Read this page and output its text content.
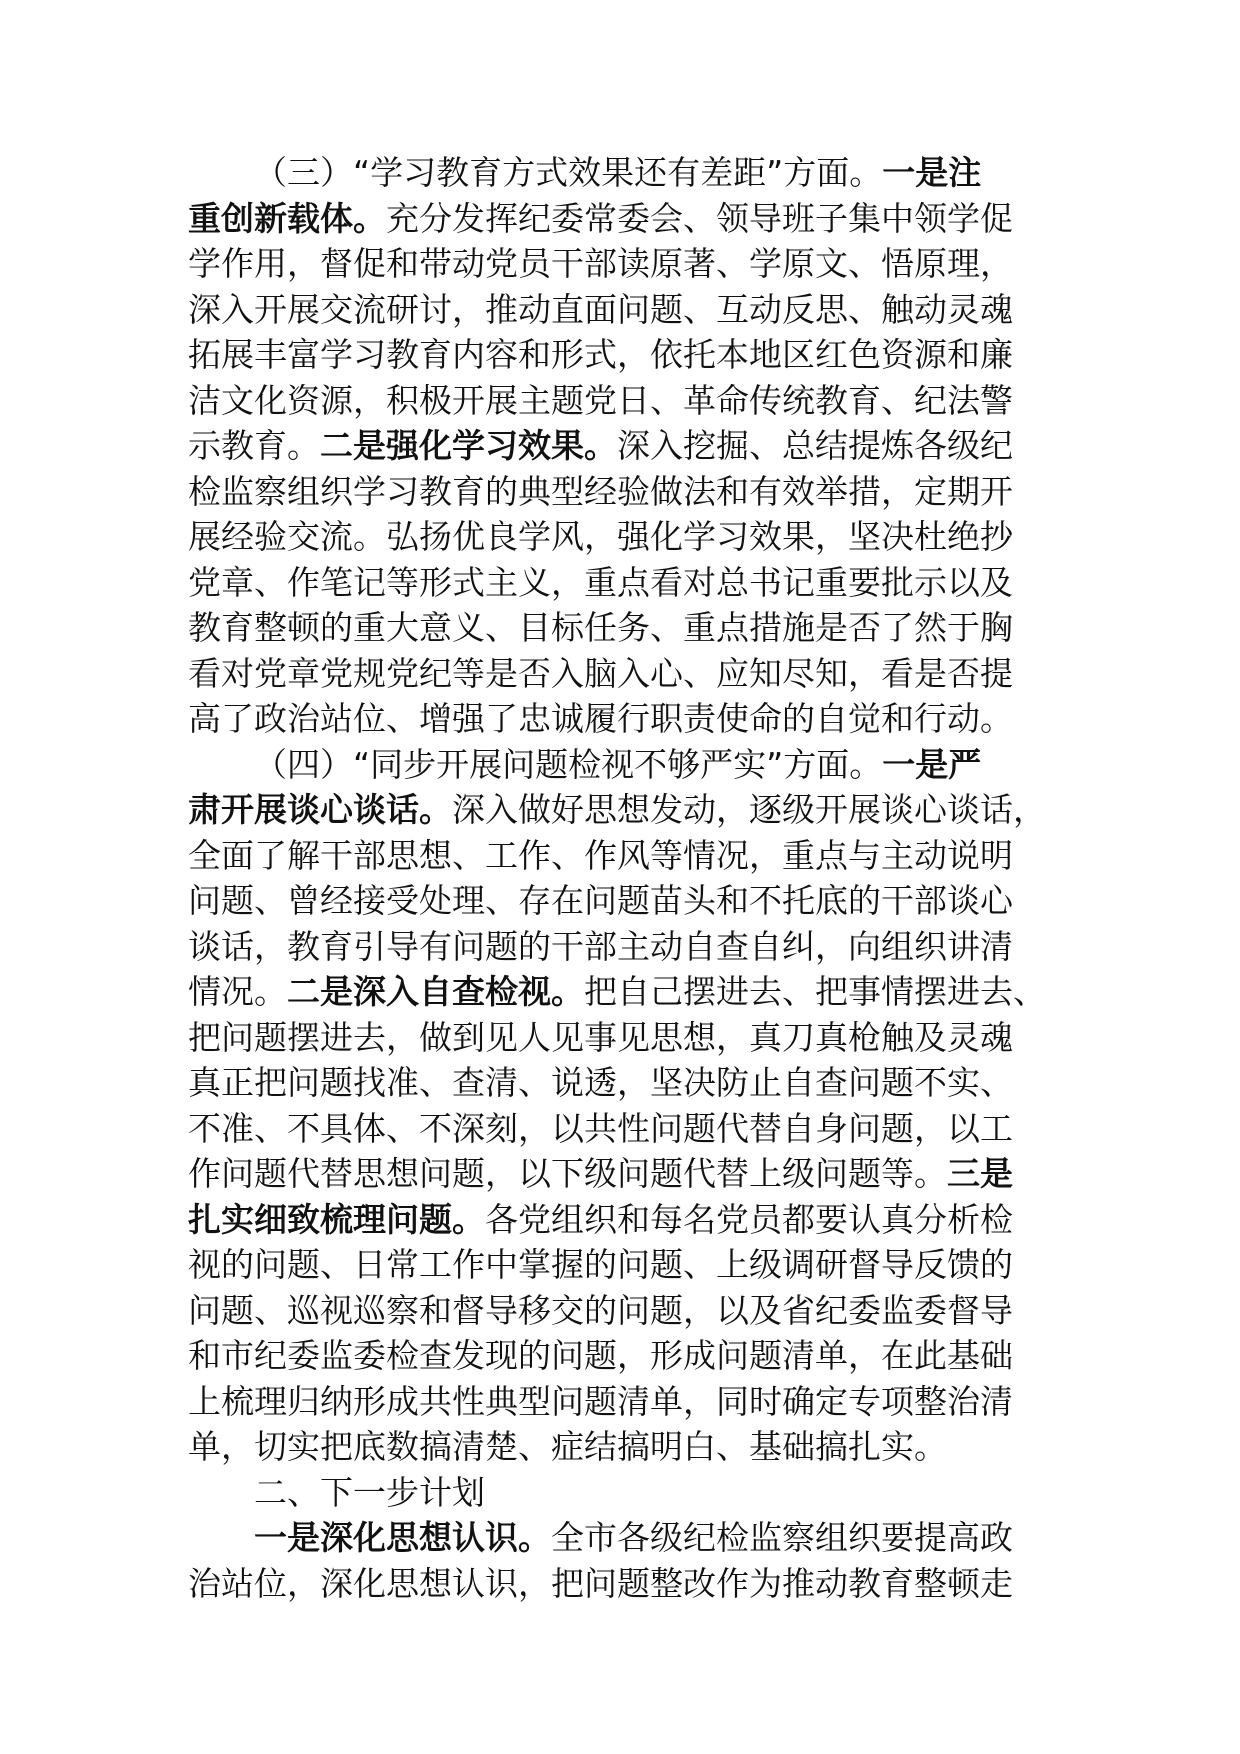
（三）“学习教育方式效果还有差距”方面。一是注
重创新载体。充分发挥纪委常委会、领导班子集中领学促
学作用，督促和带动党员干部读原著、学原文、悟原理，
深入开展交流研讨，推动直面问题、互动反思、触动灵魂
拓展丰富学习教育内容和形式，依托本地区红色资源和廉
洁文化资源，积极开展主题党日、革命传统教育、纪法警
示教育。二是强化学习效果。深入挖掘、总结提炼各级纪
检监察组织学习教育的典型经验做法和有效举措，定期开
展经验交流。弘扬优良学风，强化学习效果，坚决杜绝抄
党章、作笔记等形式主义，重点看对总书记重要批示以及
教育整顿的重大意义、目标任务、重点措施是否了然于胸
看对党章党规党纪等是否入脑入心、应知尽知，看是否提
高了政治站位、增强了忠诚履行职责使命的自觉和行动。
（四）“同步开展问题检视不够严实”方面。一是严
肃开展谈心谈话。深入做好思想发动，逐级开展谈心谈话，
全面了解干部思想、工作、作风等情况，重点与主动说明
问题、曾经接受处理、存在问题苗头和不托底的干部谈心
谈话，教育引导有问题的干部主动自查自纠，向组织讲清
情况。二是深入自查检视。把自己摆进去、把事情摆进去、
把问题摆进去，做到见人见事见思想，真刀真枪触及灵魂
真正把问题找准、查清、说透，坚决防止自查问题不实、
不准、不具体、不深刻，以共性问题代替自身问题，以工
作问题代替思想问题，以下级问题代替上级问题等。三是
扎实细致梳理问题。各党组织和每名党员都要认真分析检
视的问题、日常工作中掌握的问题、上级调研督导反馈的
问题、巡视巡察和督导移交的问题，以及省纪委监委督导
和市纪委监委检查发现的问题，形成问题清单，在此基础
上梳理归纳形成共性典型问题清单，同时确定专项整治清
单，切实把底数搞清楚、症结搞明白、基础搞扎实。
二、下一步计划
一是深化思想认识。全市各级纪检监察组织要提高政
治站位，深化思想认识，把问题整改作为推动教育整顿走
